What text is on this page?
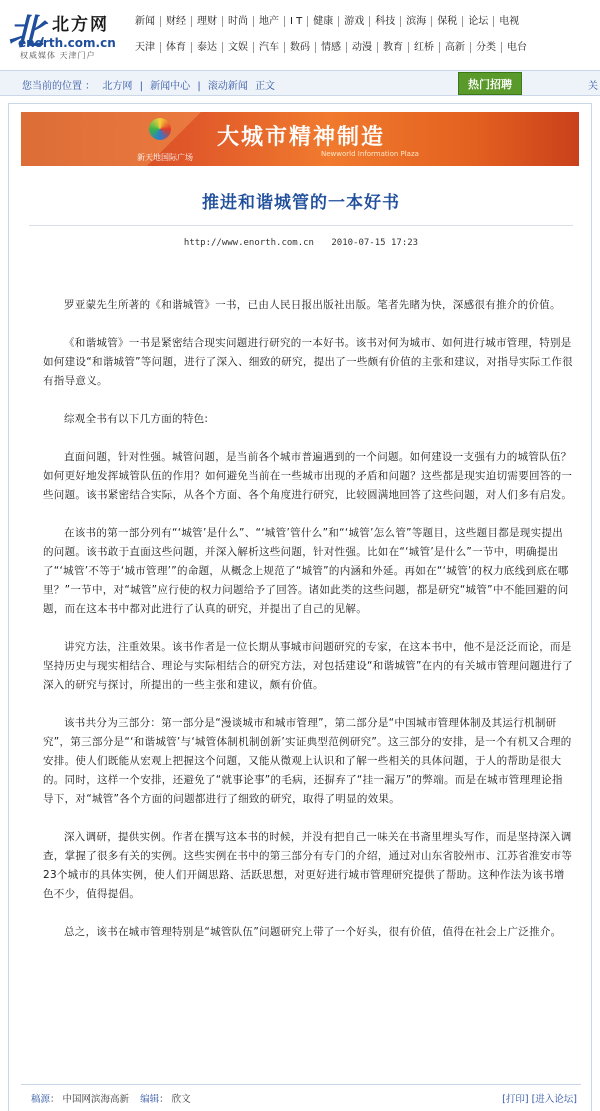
北 北方网
enorth.com.cn
权威媒体 天津门户
新闻	财经	理财	时尚	地产	I T	健康	游戏	科技	滨海	保税	论坛	电视
天津	体育	泰达	文娱	汽车	数码	情感	动漫	教育	红桥	高新	分类	电台
您当前的位置 ： 北方网 | 新闻中心 | 滚动新闻 正文	热门招聘	关
新天地国际广场
大城市精神制造
Newworld Information Plaza
推进和谐城管的一本好书
http://www.enorth.com.cn 2010-07-15 17:23

罗亚蒙先生所著的《和谐城管》一书，已由人民日报出版社出版。笔者先睹为快，深感很有推介的价值。

《和谐城管》一书是紧密结合现实问题进行研究的一本好书。该书对何为城市、如何进行城市管理，特别是如何建设“和谐城管”等问题，进行了深入、细致的研究，提出了一些颇有价值的主张和建议，对指导实际工作很有指导意义。

综观全书有以下几方面的特色:

直面问题，针对性强。城管问题，是当前各个城市普遍遇到的一个问题。如何建设一支强有力的城管队伍？如何更好地发挥城管队伍的作用？如何避免当前在一些城市出现的矛盾和问题？这些都是现实迫切需要回答的一些问题。该书紧密结合实际，从各个方面、各个角度进行研究，比较圆满地回答了这些问题，对人们多有启发。

在该书的第一部分列有“‘城管’是什么”、“‘城管’管什么”和“‘城管’怎么管”等题目，这些题目都是现实提出的问题。该书敢于直面这些问题，并深入解析这些问题，针对性强。比如在“‘城管’是什么”一节中，明确提出了“‘城管’不等于‘城市管理’”的命题，从概念上规范了“城管”的内涵和外延。再如在“‘城管’的权力底线到底在哪里？”一节中，对“城管”应行使的权力问题给予了回答。诸如此类的这些问题，都是研究“城管”中不能回避的问题，而在这本书中都对此进行了认真的研究，并提出了自己的见解。

讲究方法，注重效果。该书作者是一位长期从事城市问题研究的专家，在这本书中，他不是泛泛而论，而是坚持历史与现实相结合、理论与实际相结合的研究方法，对包括建设“和谐城管”在内的有关城市管理问题进行了深入的研究与探讨，所提出的一些主张和建议，颇有价值。

该书共分为三部分：第一部分是“漫谈城市和城市管理”，第二部分是“中国城市管理体制及其运行机制研究”，第三部分是“‘和谐城管’与‘城管体制机制创新’实证典型范例研究”。这三部分的安排，是一个有机又合理的安排。使人们既能从宏观上把握这个问题，又能从微观上认识和了解一些相关的具体问题，于人的帮助是很大的。同时，这样一个安排，还避免了“就事论事”的毛病，还摒弃了“挂一漏万”的弊端。而是在城市管理理论指导下，对“城管”各个方面的问题都进行了细致的研究，取得了明显的效果。

深入调研，提供实例。作者在撰写这本书的时候，并没有把自己一味关在书斋里埋头写作，而是坚持深入调查，掌握了很多有关的实例。这些实例在书中的第三部分有专门的介绍，通过对山东省胶州市、江苏省淮安市等23个城市的具体实例，使人们开阔思路、活跃思想，对更好进行城市管理研究提供了帮助。这种作法为该书增色不少，值得提倡。

总之，该书在城市管理特别是“城管队伍”问题研究上带了一个好头，很有价值，值得在社会上广泛推介。

稿源： 中国网滨海高新 编辑： 欣文	[打印] [进入论坛]
